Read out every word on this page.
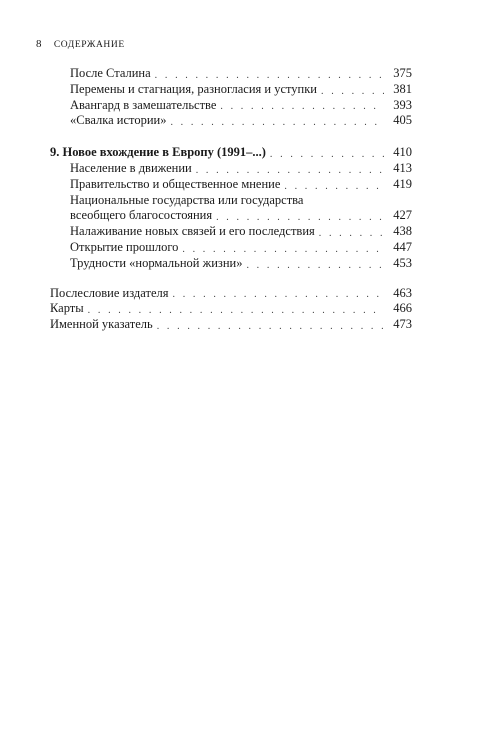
8 СОДЕРЖАНИЕ
После Сталина . . .	375
Перемены и стагнация, разногласия и уступки . . .	381
Авангард в замешательстве . . .	393
«Свалка истории» . . .	405
9. Новое вхождение в Европу (1991–...) . . .	410
Население в движении . . .	413
Правительство и общественное мнение . . .	419
Национальные государства или государства
всеобщего благосостояния . . .	427
Налаживание новых связей и его последствия . . .	438
Открытие прошлого . . .	447
Трудности «нормальной жизни» . . .	453
Послесловие издателя . . .	463
Карты . . .	466
Именной указатель . . .	473
